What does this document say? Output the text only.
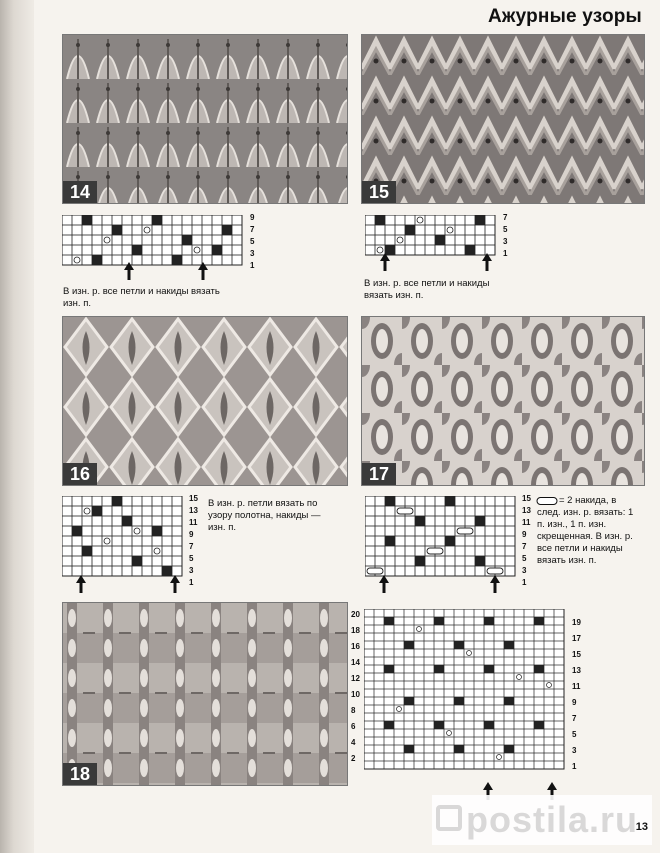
Ажурные узоры
14	15
9
7
5
3
1
В изн. р. все петли и накиды вязать изн. п.
7
5
3
1
В изн. р. все петли и накиды вязать изн. п.
16	17
15
13
11
9
7
5
3
1
В изн. р. петли вязать по узору полотна, накиды — изн. п.
15
13
11
9
7
5
3
1
= 2 накида, в след. изн. р. вязать: 1 п. изн., 1 п. изн. скрещенная. В изн. р. все петли и накиды вязать изн. п.
18
20
18
16
14
12
10
8
6
4
2
19
17
15
13
11
9
7
5
3
1
postila.ru
13
